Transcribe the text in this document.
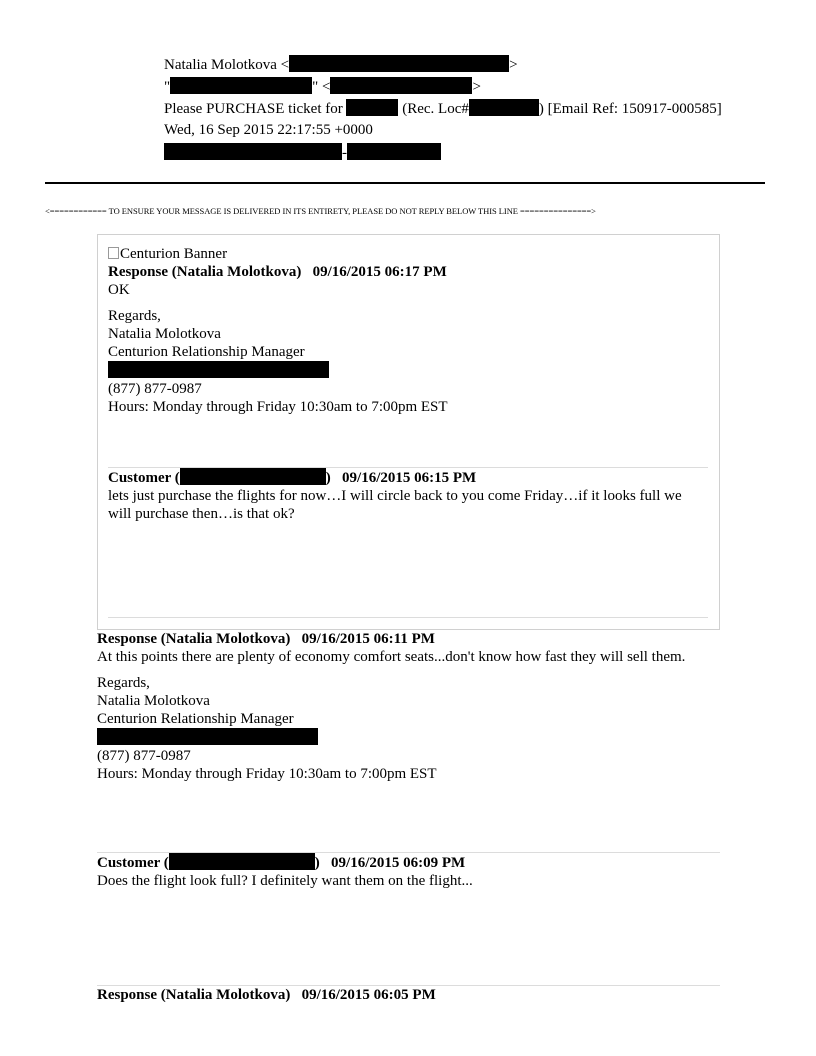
Natalia Molotkova <	>
"	" <	>
Please PURCHASE ticket for	(Rec. Loc#	) [Email Ref: 150917-000585]
Wed, 16 Sep 2015 22:17:55 +0000
-
<============ TO ENSURE YOUR MESSAGE IS DELIVERED IN ITS ENTIRETY, PLEASE DO NOT REPLY BELOW THIS LINE ===============>
Centurion Banner
Response (Natalia Molotkova)   09/16/2015 06:17 PM
OK
Regards,
Natalia Molotkova
Centurion Relationship Manager
(877) 877-0987
Hours: Monday through Friday 10:30am to 7:00pm EST
Customer (	)   09/16/2015 06:15 PM
lets just purchase the flights for now…I will circle back to you come Friday…if it looks full we will purchase then…is that ok?
Response (Natalia Molotkova)   09/16/2015 06:11 PM
At this points there are plenty of economy comfort seats...don't know how fast they will sell them.
Regards,
Natalia Molotkova
Centurion Relationship Manager
(877) 877-0987
Hours: Monday through Friday 10:30am to 7:00pm EST
Customer (	)   09/16/2015 06:09 PM
Does the flight look full? I definitely want them on the flight...
Response (Natalia Molotkova)   09/16/2015 06:05 PM
